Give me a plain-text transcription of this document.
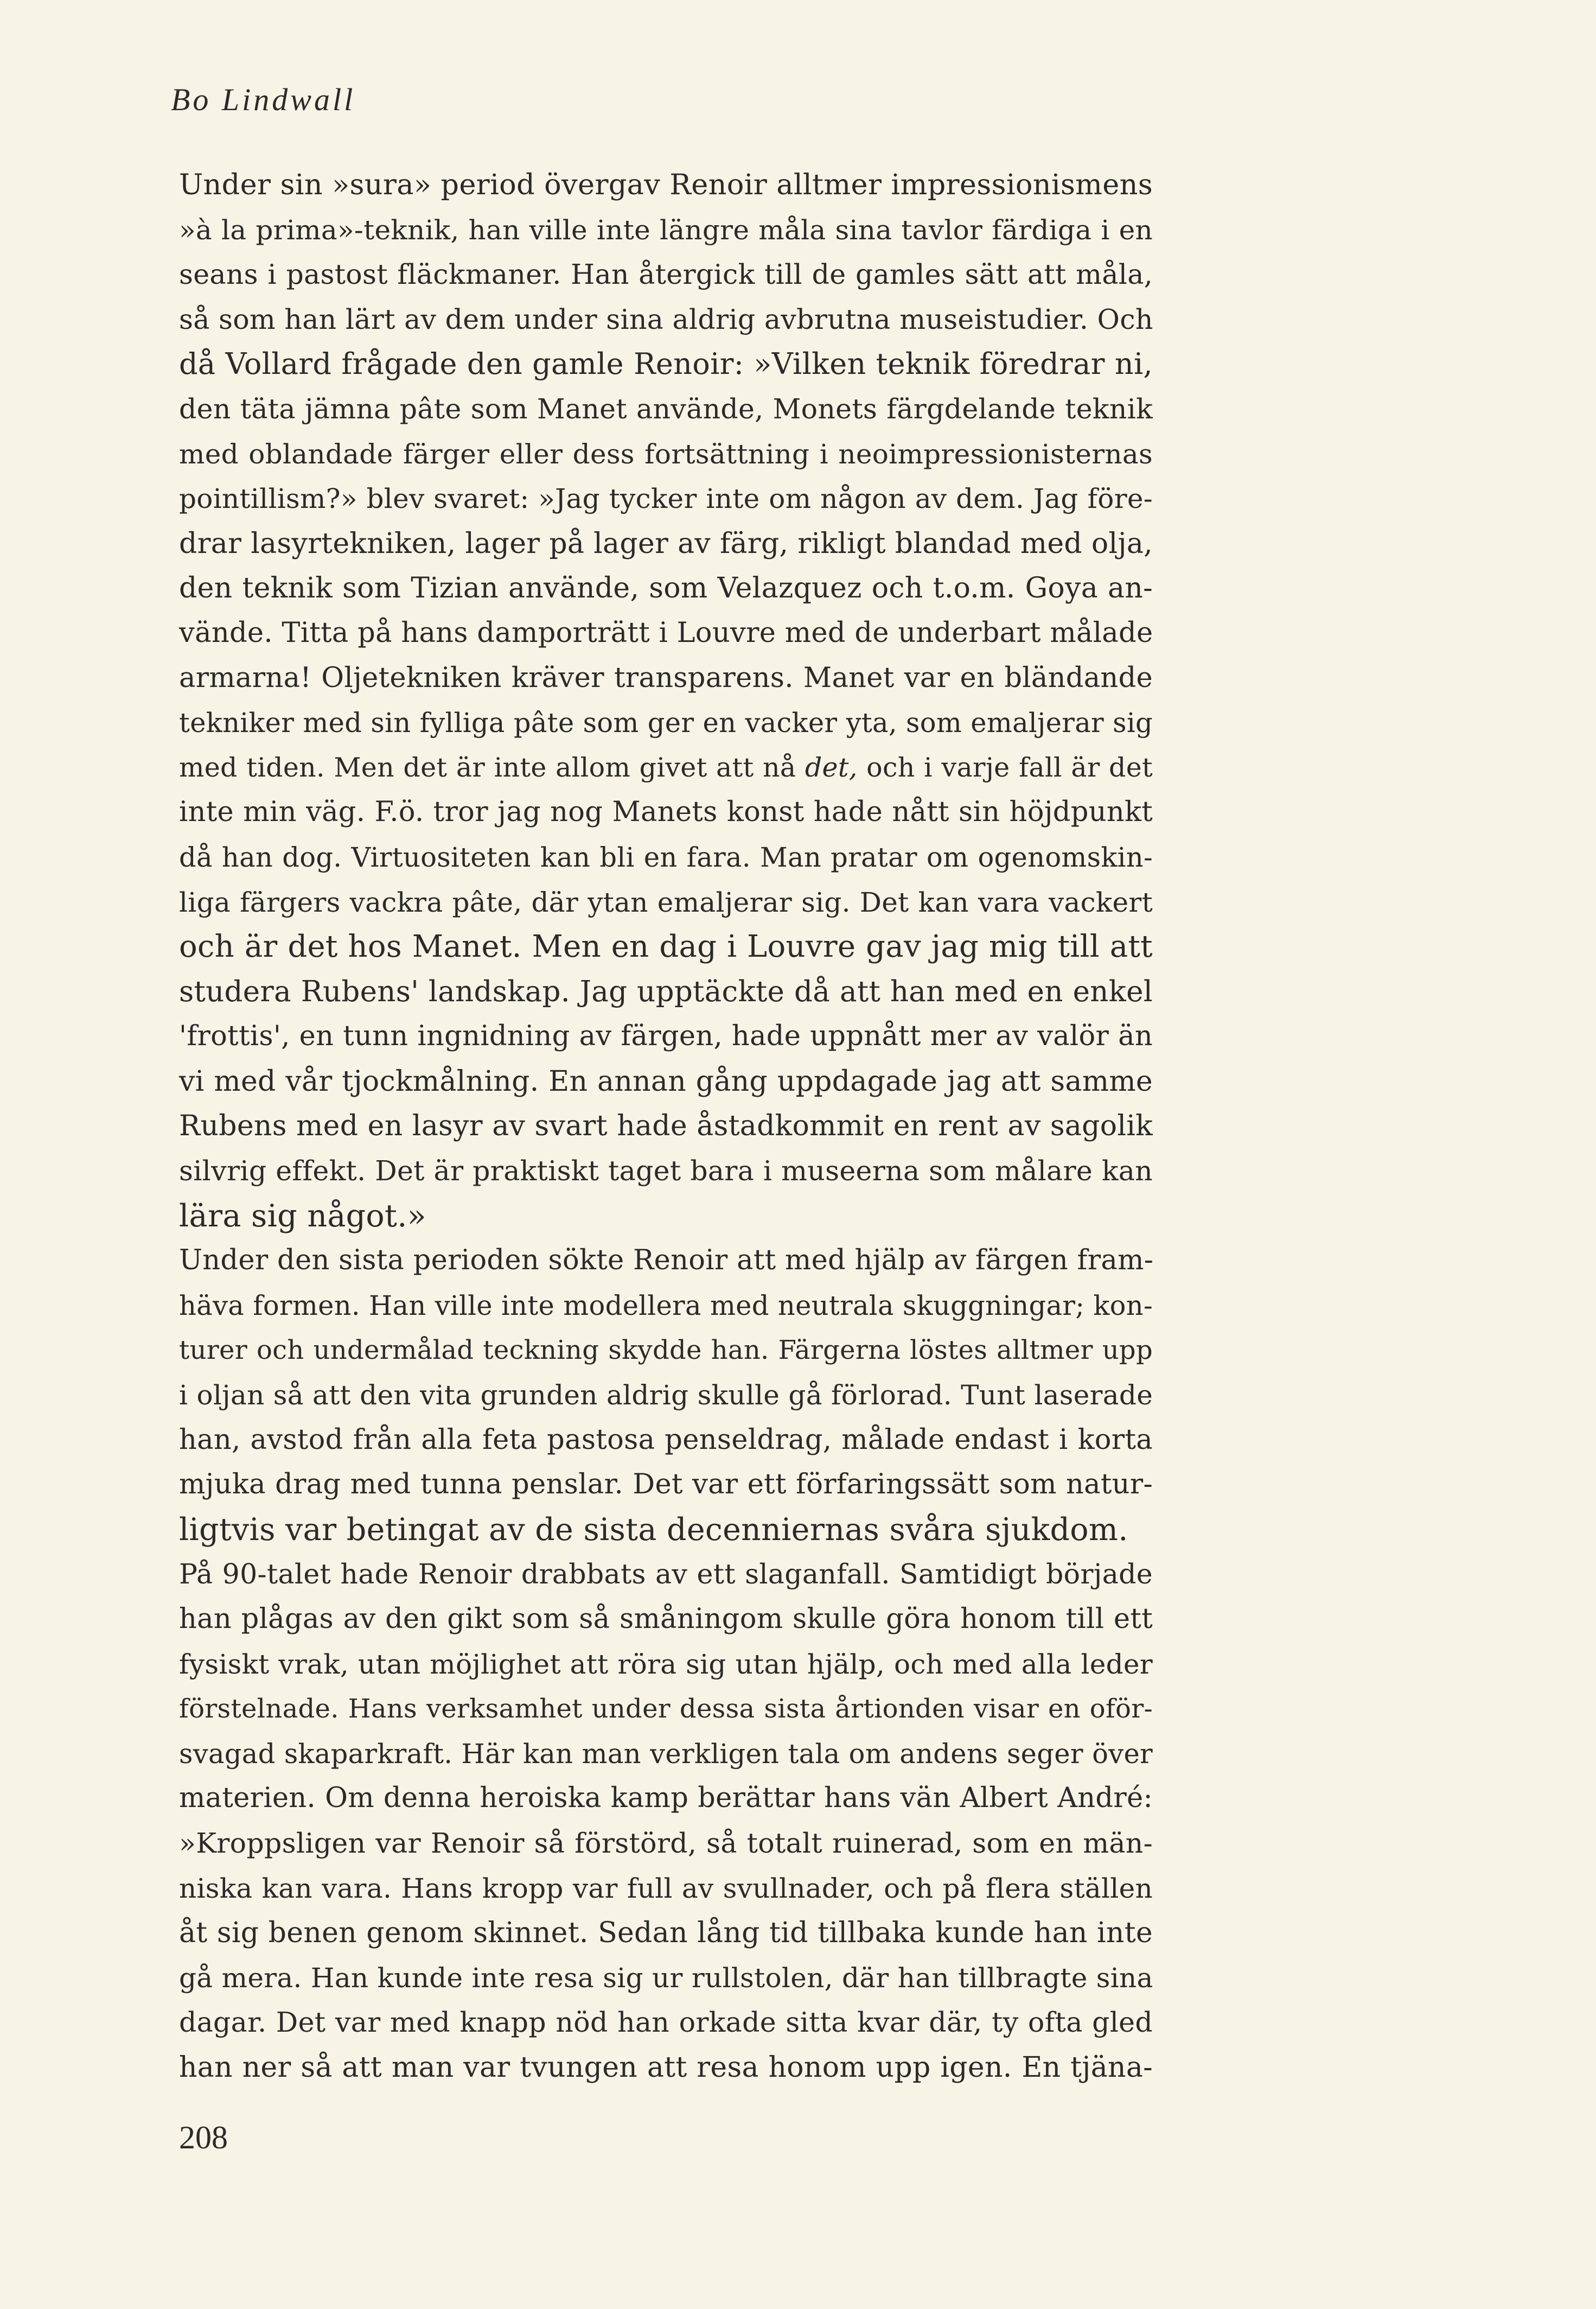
Bo Lindwall
Under sin »sura» period övergav Renoir alltmer impressionismens
»à la prima»-teknik, han ville inte längre måla sina tavlor färdiga i en
seans i pastost fläckmaner. Han återgick till de gamles sätt att måla,
så som han lärt av dem under sina aldrig avbrutna museistudier. Och
då Vollard frågade den gamle Renoir: »Vilken teknik föredrar ni,
den täta jämna pâte som Manet använde, Monets färgdelande teknik
med oblandade färger eller dess fortsättning i neoimpressionisternas
pointillism?» blev svaret: »Jag tycker inte om någon av dem. Jag före-
drar lasyrtekniken, lager på lager av färg, rikligt blandad med olja,
den teknik som Tizian använde, som Velazquez och t.o.m. Goya an-
vände. Titta på hans damporträtt i Louvre med de underbart målade
armarna! Oljetekniken kräver transparens. Manet var en bländande
tekniker med sin fylliga pâte som ger en vacker yta, som emaljerar sig
med tiden. Men det är inte allom givet att nå det, och i varje fall är det
inte min väg. F.ö. tror jag nog Manets konst hade nått sin höjdpunkt
då han dog. Virtuositeten kan bli en fara. Man pratar om ogenomskin-
liga färgers vackra pâte, där ytan emaljerar sig. Det kan vara vackert
och är det hos Manet. Men en dag i Louvre gav jag mig till att
studera Rubens' landskap. Jag upptäckte då att han med en enkel
'frottis', en tunn ingnidning av färgen, hade uppnått mer av valör än
vi med vår tjockmålning. En annan gång uppdagade jag att samme
Rubens med en lasyr av svart hade åstadkommit en rent av sagolik
silvrig effekt. Det är praktiskt taget bara i museerna som målare kan
lära sig något.»
Under den sista perioden sökte Renoir att med hjälp av färgen fram-
häva formen. Han ville inte modellera med neutrala skuggningar; kon-
turer och undermålad teckning skydde han. Färgerna löstes alltmer upp
i oljan så att den vita grunden aldrig skulle gå förlorad. Tunt laserade
han, avstod från alla feta pastosa penseldrag, målade endast i korta
mjuka drag med tunna penslar. Det var ett förfaringssätt som natur-
ligtvis var betingat av de sista decenniernas svåra sjukdom.
På 90-talet hade Renoir drabbats av ett slaganfall. Samtidigt började
han plågas av den gikt som så småningom skulle göra honom till ett
fysiskt vrak, utan möjlighet att röra sig utan hjälp, och med alla leder
förstelnade. Hans verksamhet under dessa sista årtionden visar en oför-
svagad skaparkraft. Här kan man verkligen tala om andens seger över
materien. Om denna heroiska kamp berättar hans vän Albert André:
»Kroppsligen var Renoir så förstörd, så totalt ruinerad, som en män-
niska kan vara. Hans kropp var full av svullnader, och på flera ställen
åt sig benen genom skinnet. Sedan lång tid tillbaka kunde han inte
gå mera. Han kunde inte resa sig ur rullstolen, där han tillbragte sina
dagar. Det var med knapp nöd han orkade sitta kvar där, ty ofta gled
han ner så att man var tvungen att resa honom upp igen. En tjäna-
208
